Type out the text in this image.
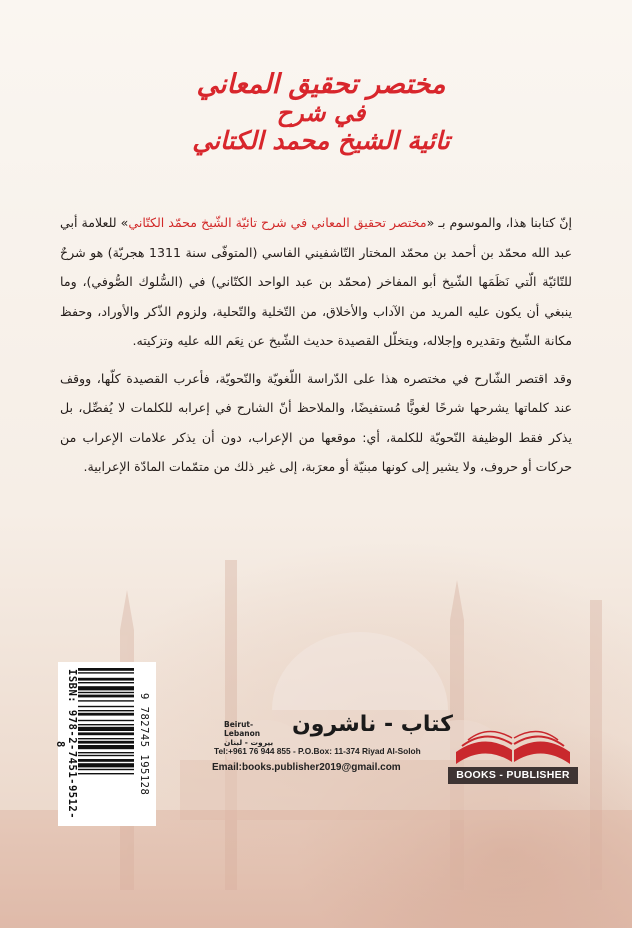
مختصر تحقيق المعاني
في شرح
تائية الشيخ محمد الكتاني

إنّ كتابنا هذا، والموسوم بـ «مختصر تحقيق المعاني في شرح تائيّة الشّيخ محمّد الكتّاني» للعلامة أبي عبد الله محمّد بن أحمد بن محمّد المختار التّاشفيني الفاسي (المتوفّى سنة 1311 هجريّة) هو شرحٌ للتّائيّة الّتي نَظَمَها الشّيخ أبو المفاخر (محمّد بن عبد الواحد الكتّاني) في (السُّلوك الصُّوفي)، وما ينبغي أن يكون عليه المريد من الآداب والأخلاق، من التّخلية والتّحلية، ولزوم الذّكر والأوراد، وحفظ مكانة الشّيخ وتقديره وإجلاله، ويتخلّل القصيدة حديث الشّيخ عن نِعَم الله عليه وتزكيته.

وقد اقتصر الشّارح في مختصره هذا على الدّراسة اللّغويّة والنّحويّة، فأعرب القصيدة كلّها، ووقف عند كلماتها يشرحها شرحًا لغويًّا مُستفيضًا، والملاحظ أنّ الشارح في إعرابه للكلمات لا يُفصِّل، بل يذكر فقط الوظيفة النّحويّة للكلمة، أي: موقعها من الإعراب، دون أن يذكر علامات الإعراب من حركات أو حروف، ولا يشير إلى كونها مبنيّة أو معرَبة، إلى غير ذلك من متمّمات المادّة الإعرابية.

ISBN: 978-2-7451-9512-8	9 782745 195128	كتاب - ناشرون
Beirut-Lebanon
بيروت - لبنان
Tel:+961 76 944 855 - P.O.Box: 11-374 Riyad Al-Soloh
Email:books.publisher2019@gmail.com
BOOKS - PUBLISHER
